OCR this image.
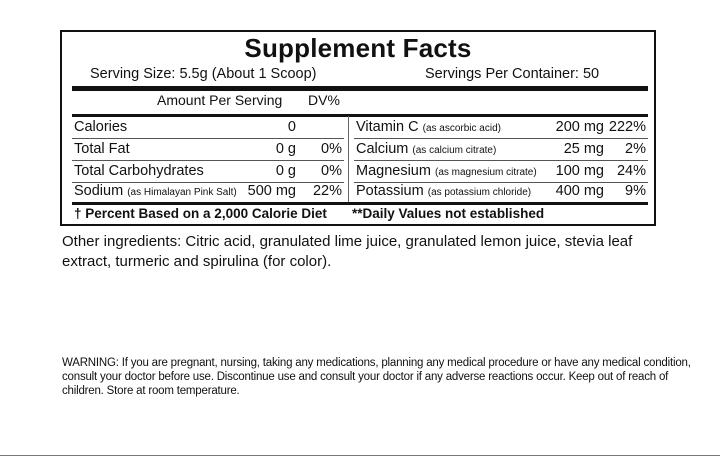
Supplement Facts
Serving Size: 5.5g (About 1 Scoop)	Servings Per Container: 50
Amount Per Serving DV%
Calories	0
Total Fat	0 g 0%
Total Carbohydrates	0 g 0%
Sodium (as Himalayan Pink Salt) 500 mg 22%
Vitamin C (as ascorbic acid)	200 mg 222%
Calcium (as calcium citrate)	25 mg 2%
Magnesium (as magnesium citrate) 100 mg 24%
Potassium (as potassium chloride) 400 mg 9%
† Percent Based on a 2,000 Calorie Diet **Daily Values not established
Other ingredients: Citric acid, granulated lime juice, granulated lemon juice, stevia leaf extract, turmeric and spirulina (for color).
WARNING: If you are pregnant, nursing, taking any medications, planning any medical procedure or have any medical condition, consult your doctor before use. Discontinue use and consult your doctor if any adverse reactions occur. Keep out of reach of children. Store at room temperature.
